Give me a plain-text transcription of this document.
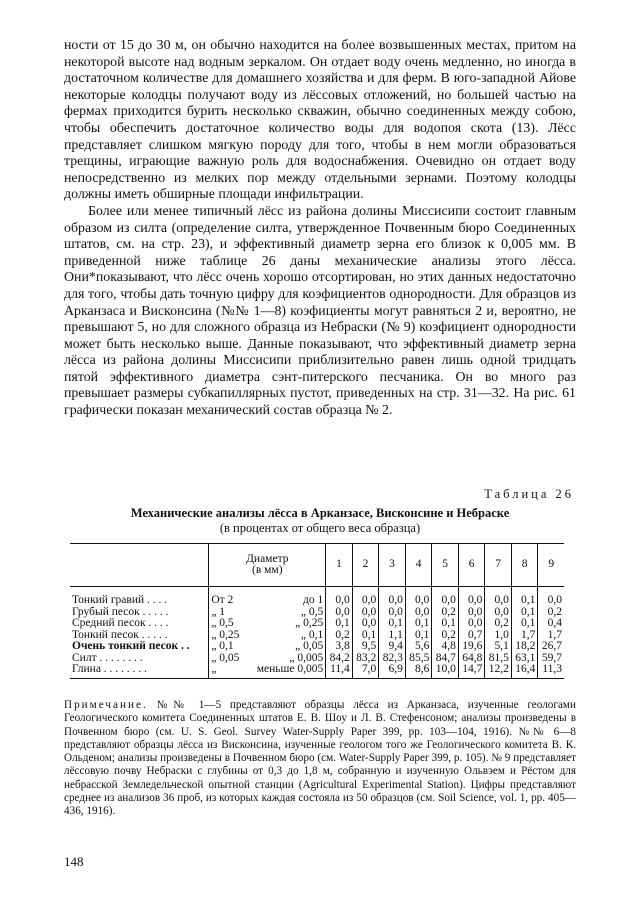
ности от 15 до 30 м, он обычно находится на более возвышенных местах, притом на некоторой высоте над водным зеркалом. Он отдает воду очень медленно, но иногда в достаточном количестве для домашнего хозяйства и для ферм. В юго-западной Айове некоторые колодцы получают воду из лёссовых отложений, но большей частью на фермах приходится бурить несколько скважин, обычно соединенных между собою, чтобы обеспечить достаточное количество воды для водопоя скота (13). Лёсс представляет слишком мягкую породу для того, чтобы в нем могли образоваться трещины, играющие важную роль для водоснабжения. Очевидно он отдает воду непосредственно из мелких пор между отдельными зернами. Поэтому колодцы должны иметь обширные площади инфильтрации.

Более или менее типичный лёсс из района долины Миссисипи состоит главным образом из силта (определение силта, утвержденное Почвенным бюро Соединенных штатов, см. на стр. 23), и эффективный диаметр зерна его близок к 0,005 мм. В приведенной ниже таблице 26 даны механические анализы этого лёсса. Они*показывают, что лёсс очень хорошо отсортирован, но этих данных недостаточно для того, чтобы дать точную цифру для коэфициентов однородности. Для образцов из Арканзаса и Висконсина (№№ 1—8) коэфициенты могут равняться 2 и, вероятно, не превышают 5, но для сложного образца из Небраски (№ 9) коэфициент однородности может быть несколько выше. Данные показывают, что эффективный диаметр зерна лёсса из района долины Миссисипи приблизительно равен лишь одной тридцать пятой эффективного диаметра сэнт-питерского песчаника. Он во много раз превышает размеры субкапиллярных пустот, приведенных на стр. 31—32. На рис. 61 графически показан механический состав образца № 2.

Таблица 26
Механические анализы лёсса в Арканзасе, Висконсине и Небраске
(в процентах от общего веса образца)

	Диаметр
(в мм)		1	2	3	4	5	6	7	8	9

Тонкий гравий . . . .	От 2	до 1	0,0	0,0	0,0	0,0	0,0	0,0	0,0	0,1	0,0
Грубый песок . . . . .	„ 1	„ 0,5	0,0	0,0	0,0	0,0	0,2	0,0	0,0	0,1	0,2
Средний песок . . . .	„ 0,5	„ 0,25	0,1	0,0	0,1	0,1	0,1	0,0	0,2	0,1	0,4
Тонкий песок . . . . .	„ 0,25	„ 0,1	0,2	0,1	1,1	0,1	0,2	0,7	1,0	1,7	1,7
Очень тонкий песок . .	„ 0,1	„ 0,05	3,8	9,5	9,4	5,6	4,8	19,6	5,1	18,2	26,7
Силт . . . . . . . .	„ 0,05	„ 0,005	84,2	83,2	82,3	85,5	84,7	64,8	81,5	63,1	59,7
Глина . . . . . . . .	„	меньше 0,005	11,4	7,0	6,9	8,6	10,0	14,7	12,2	16,4	11,3
Примечание. №№ 1—5 представляют образцы лёсса из Арканзаса, изученные геологами Геологического комитета Соединенных штатов Е. В. Шоу и Л. В. Стефенсоном; анализы произведены в Почвенном бюро (см. U. S. Geol. Survey Water-Supply Paper 399, pp. 103—104, 1916). №№ 6—8 представляют образцы лёсса из Висконсина, изученные геологом того же Геологического комитета В. К. Ольденом; анализы произведены в Почвенном бюро (см. Water-Supply Paper 399, p. 105). № 9 представляет лёссовую почву Небраски с глубины от 0,3 до 1,8 м, собранную и изученную Ольвэем и Рёстом для небрасской Земледельческой опытной станции (Agricultural Experimental Station). Цифры представляют среднее из анализов 36 проб, из которых каждая состояла из 50 образцов (см. Soil Science, vol. 1, pp. 405—436, 1916).
148
